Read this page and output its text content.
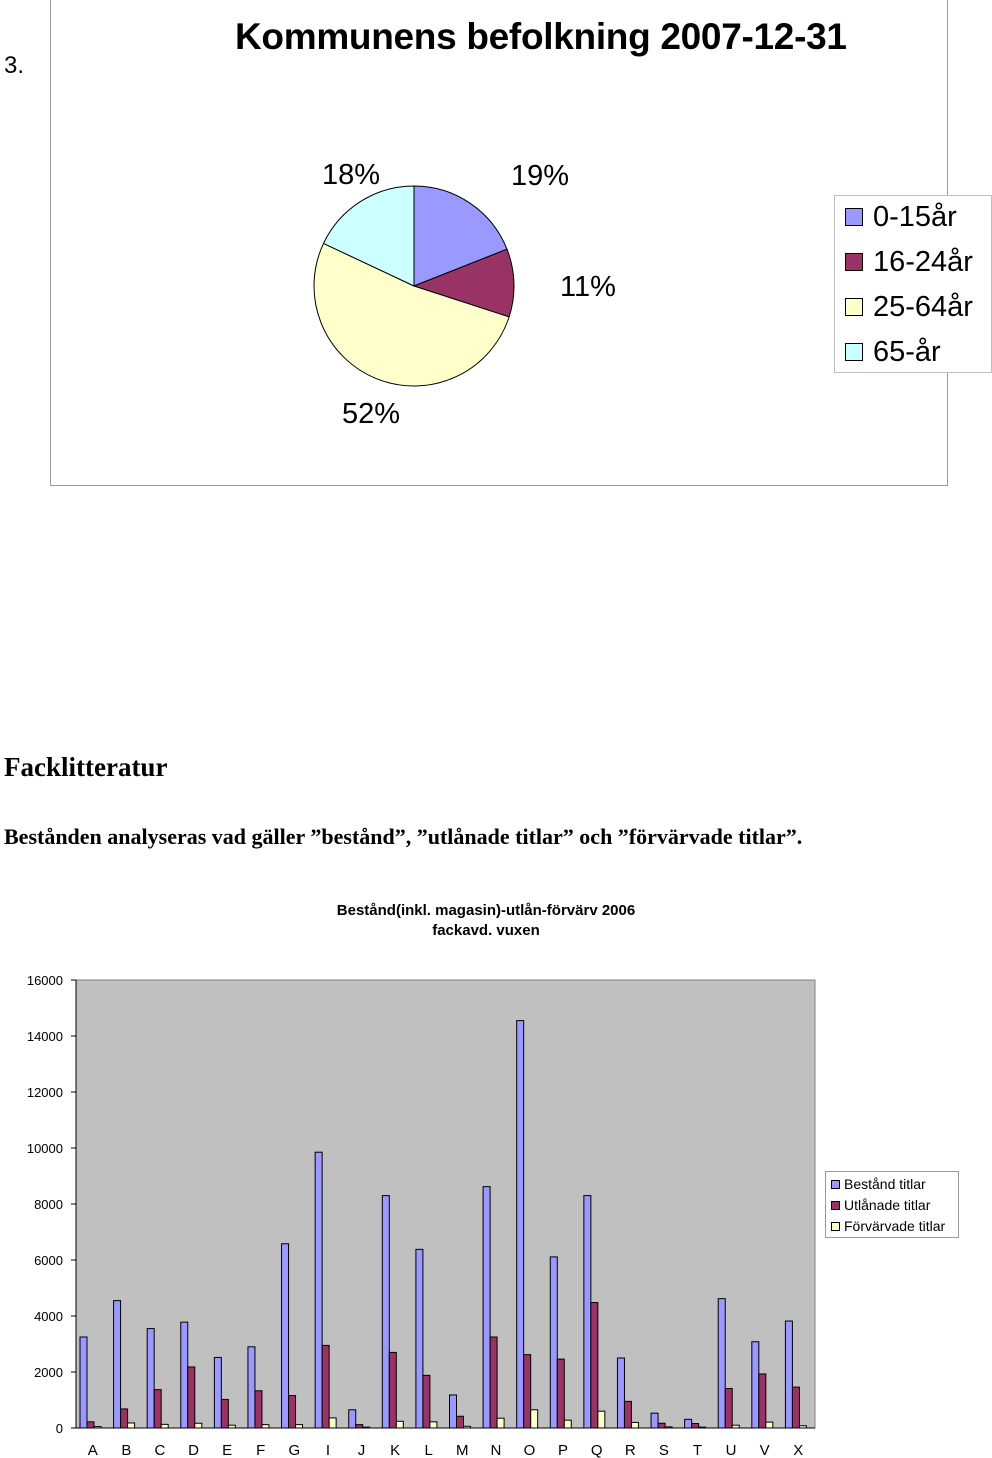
3.
Kommunens befolkning 2007-12-31
19%
11%
52%
18%
0-15år
16-24år
25-64år
65-år
Facklitteratur
Bestånden analyseras vad gäller ”bestånd”, ”utlånade titlar” och ”förvärvade titlar”.
Bestånd(inkl. magasin)-utlån-förvärv 2006
fackavd. vuxen
0
2000
4000
6000
8000
10000
12000
14000
16000
A B C D E F G I J K L M N O P Q R S T U V X
Bestånd titlar
Utlånade titlar
Förvärvade titlar
